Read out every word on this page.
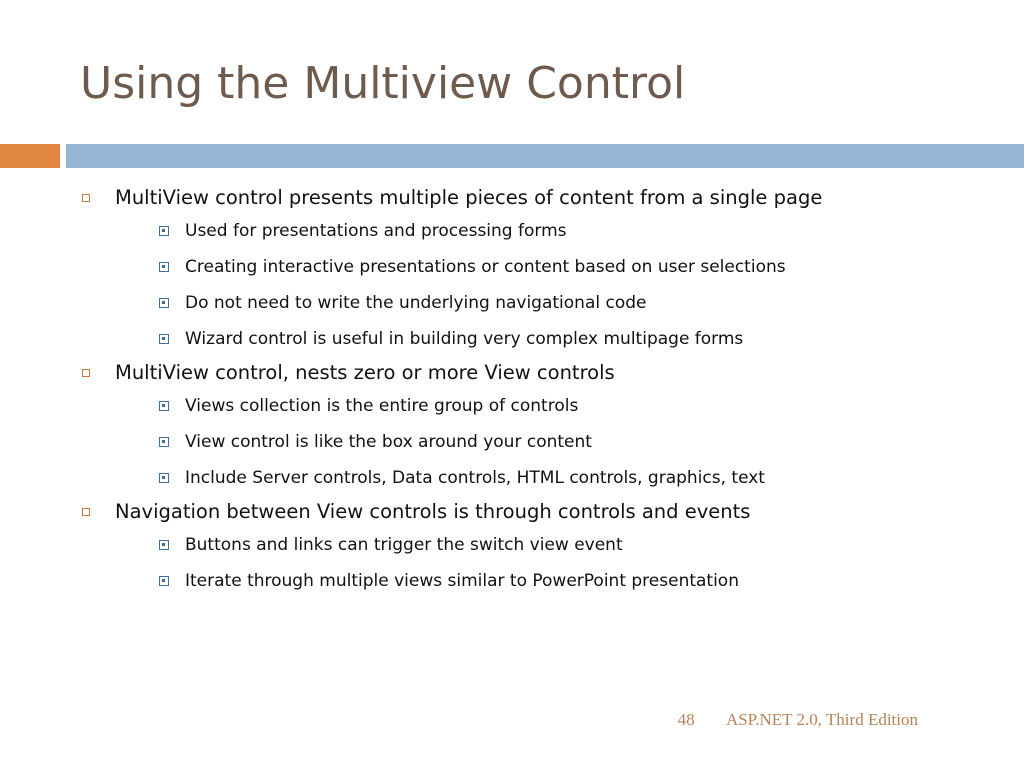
Using the Multiview Control
MultiView control presents multiple pieces of content from a single page
Used for presentations and processing forms
Creating interactive presentations or content based on user selections
Do not need to write the underlying navigational code
Wizard control is useful in building very complex multipage forms
MultiView control, nests zero or more View controls
Views collection is the entire group of controls
View control is like the box around your content
Include Server controls, Data controls, HTML controls, graphics, text
Navigation between View controls is through controls and events
Buttons and links can trigger the switch view event
Iterate through multiple views similar to PowerPoint presentation
48 ASP.NET 2.0, Third Edition
